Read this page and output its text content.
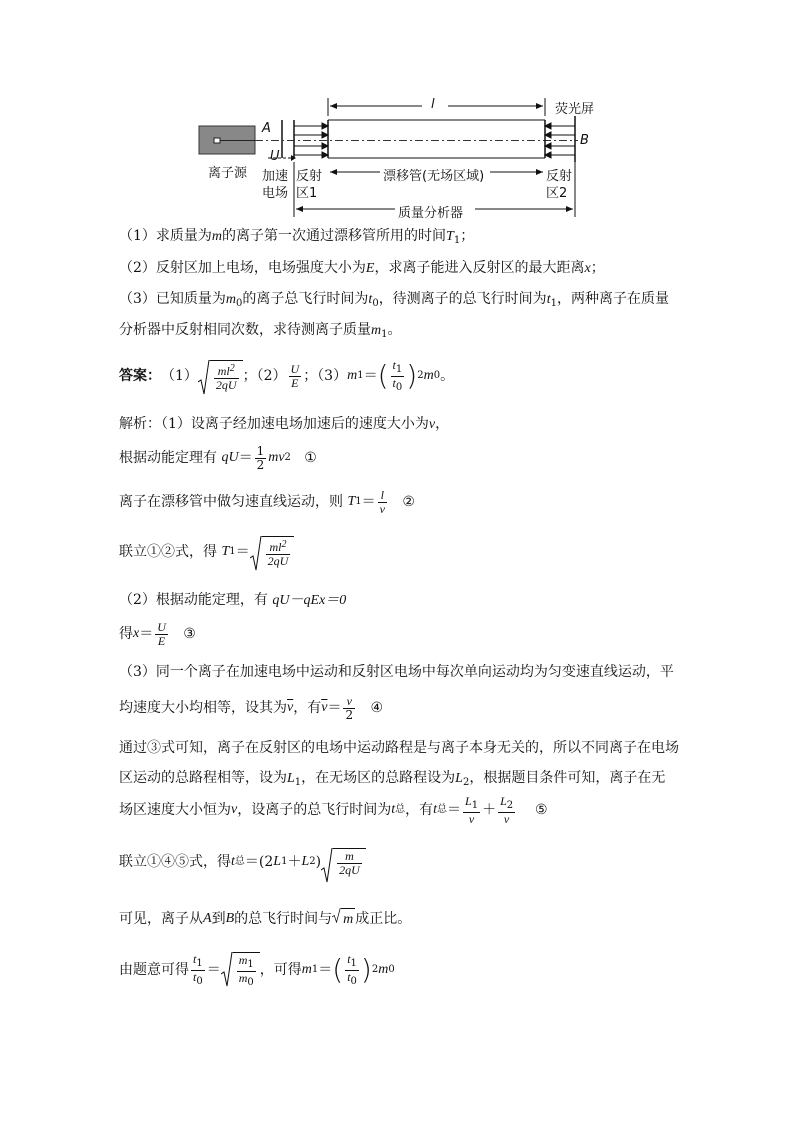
l	荧光屏
A
B
U
离子源 加速
电场
反射
区1
漂移管(无场区域)	反射
区2
质量分析器
（1）求质量为m的离子第一次通过漂移管所用的时间$T_1$；
（2）反射区加上电场，电场强度大小为E，求离子能进入反射区的最大距离x；
（3）已知质量为$m_0$的离子总飞行时间为$t_0$，待测离子的总飞行时间为$t_1$，两种离子在质量
分析器中反射相同次数，求待测离子质量$m_1$。
答案 ： $(1) \frac{ml^2}{2qU}$ ；$(2) \frac{U}{E}$ ；（3） m 1 ＝ ( $\frac{t_1}{t_0}$ ) 2 m 0 。
解析：（1）设离子经加速电场加速后的速度大小为v，
根据动能定理有
qU ＝ $\frac{1}{2}$ mv 2
①
离子在漂移管中做匀速直线运动，则
T $1 = \frac{l}{v}$
②
联立①②式，得
T $1 = \frac{ml^2}{2qU}$
（2）根据动能定理，有 qU－qEx＝0
得 $x = \frac{U}{E}$
③
（3）同一个离子在加速电场中运动和反射区电场中每次单向运动均为匀变速直线运动，平
均速度大小均相等，设其为 $\overline{v}$ ，有 $\overline{v} = \frac{v}{2}$
④
通过③式可知，离子在反射区的电场中运动路程是与离子本身无关的，所以不同离子在电场
区运动的总路程相等，设为$L_1$，在无场区的总路程设为$L_2$，根据题目条件可知，离子在无
场区速度大小恒为 v ，设离子的总飞行时间为 t 总 ，有 t 总 ＝ $\frac{L_1}{v} + \frac{L_2}{v}$
⑤
联立①④⑤式，得 t 总 ＝(2 L 1 ＋ L 2 ) $\frac{m}{2qU}$
可见，离子从 A 到 B 的总飞行时间与 m 成正比。
由题意可得 $\frac{t_1}{t_0} = \frac{m_1}{m_0}$ ，可得 m 1 ＝ ( $\frac{t_1}{t_0}$ ) 2 m 0
